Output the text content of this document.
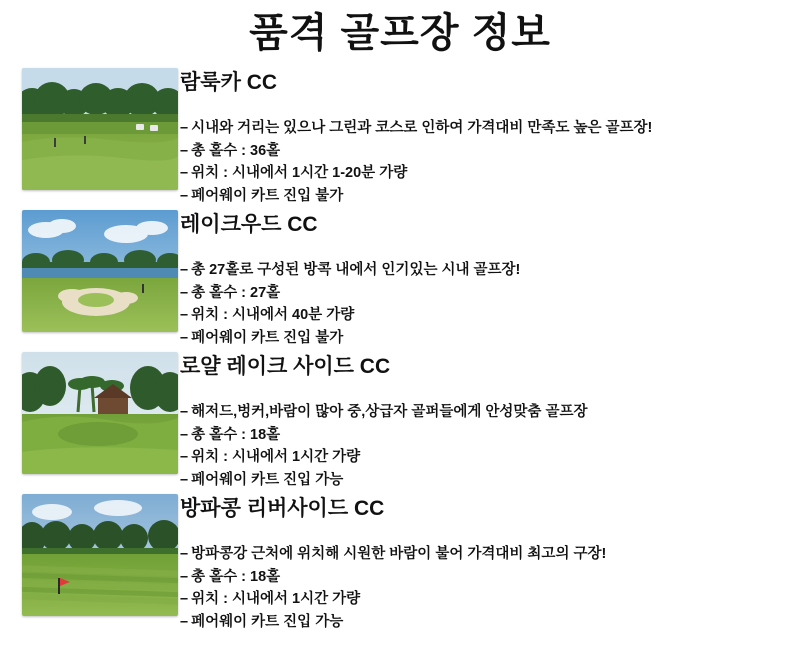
품격 골프장 정보
람룩카 CC
– 시내와 거리는 있으나 그린과 코스로 인하여 가격대비 만족도 높은 골프장!
– 총 홀수 : 36홀
– 위치 : 시내에서 1시간 1-20분 가량
– 페어웨이 카트 진입 불가
레이크우드 CC
– 총 27홀로 구성된 방콕 내에서 인기있는 시내 골프장!
– 총 홀수 : 27홀
– 위치 : 시내에서 40분 가량
– 페어웨이 카트 진입 불가
로얄 레이크 사이드 CC
– 해저드,벙커,바람이 많아 중,상급자 골퍼들에게 안성맞춤 골프장
– 총 홀수 : 18홀
– 위치 : 시내에서 1시간 가량
– 페어웨이 카트 진입 가능
방파콩 리버사이드 CC
– 방파콩강 근처에 위치해 시원한 바람이 불어 가격대비 최고의 구장!
– 총 홀수 : 18홀
– 위치 : 시내에서 1시간 가량
– 페어웨이 카트 진입 가능
